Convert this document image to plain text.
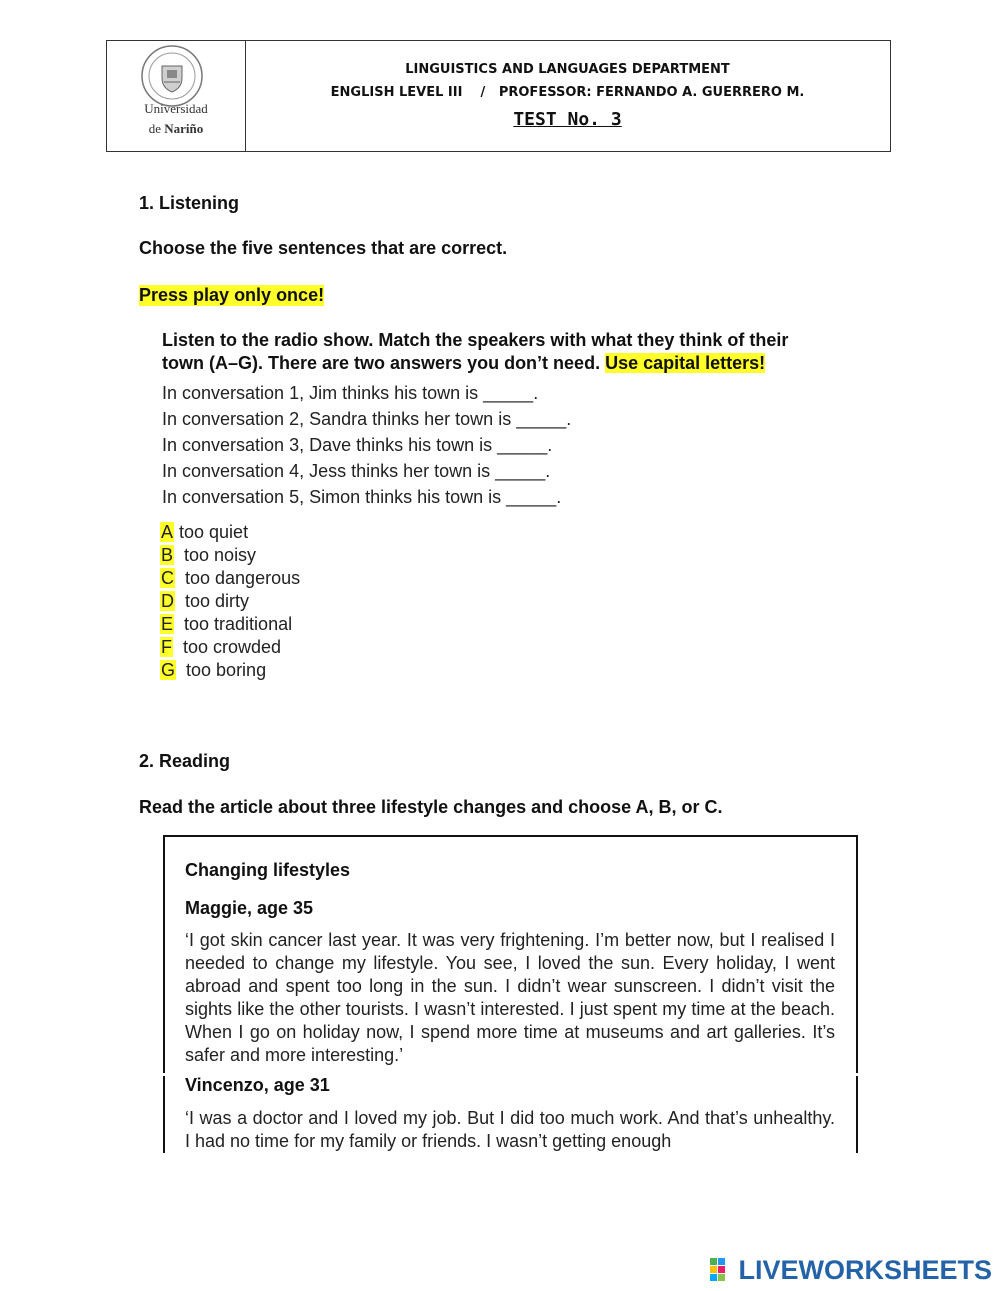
Universidad
de Nariño
LINGUISTICS AND LANGUAGES DEPARTMENT
ENGLISH LEVEL III    /   PROFESSOR: FERNANDO A. GUERRERO M.
TEST No. 3
1. Listening
Choose the five sentences that are correct.
Press play only once!
Listen to the radio show. Match the speakers with what they think of their
town (A–G). There are two answers you don’t need. Use capital letters!
In conversation 1, Jim thinks his town is _____.
In conversation 2, Sandra thinks her town is _____.
In conversation 3, Dave thinks his town is _____.
In conversation 4, Jess thinks her town is _____.
In conversation 5, Simon thinks his town is _____.
A too quiet
B  too noisy
C  too dangerous
D  too dirty
E  too traditional
F  too crowded
G  too boring
2. Reading
Read the article about three lifestyle changes and choose A, B, or C.
Changing lifestyles
Maggie, age 35
‘I got skin cancer last year. It was very frightening. I’m better now, but I realised I needed to change my lifestyle. You see, I loved the sun. Every holiday, I went abroad and spent too long in the sun. I didn’t wear sunscreen. I didn’t visit the sights like the other tourists. I wasn’t interested. I just spent my time at the beach. When I go on holiday now, I spend more time at museums and art galleries. It’s safer and more interesting.’
Vincenzo, age 31
‘I was a doctor and I loved my job. But I did too much work. And that’s unhealthy. I had no time for my family or friends. I wasn’t getting enough
LIVEWORKSHEETS
